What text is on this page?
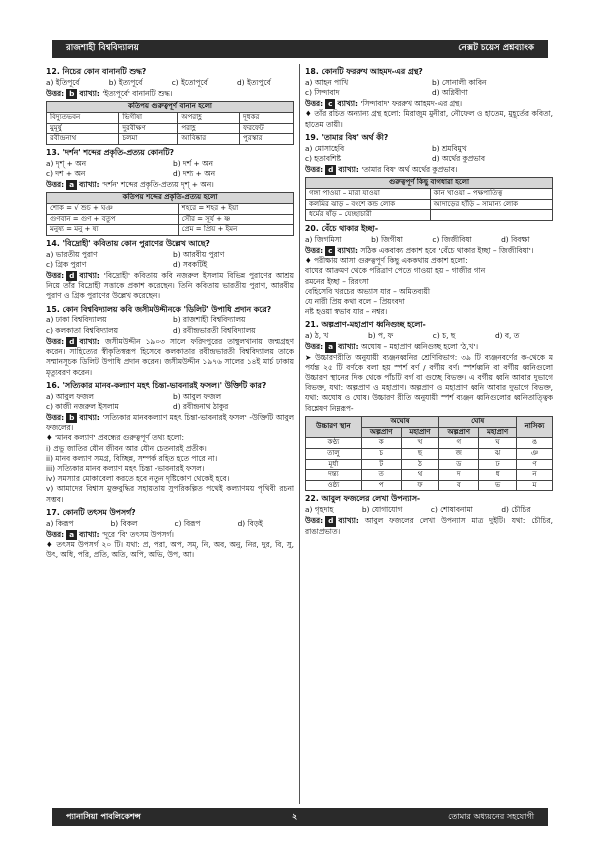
রাজশাহী বিশ্ববিদ্যালয়	নেক্সট চয়েস প্রশ্নব্যাংক
12. নিচের কোন বানানটি শুদ্ধ?
a) ইতিপূর্বে	b) ইত্যপূর্বে	c) ইতোপূর্বে	d) ইত্যপুর্বে
উত্তর: b ব্যাখ্যা: 'ইত্যপূর্বে' বানানটি শুদ্ধ।
কতিপয় গুরুত্বপূর্ণ বানান হলো			
বিদ্যুতভবন	ভিগীষা	অপরাহ্ণ	দূধকর
মুমূর্ষু	দুরবীক্ষণ	পরাহ্ণ	ফরফেট
রবীন্দ্রনাথ	চলমা	আবিষ্কার	পুরস্কার
13. 'দর্শন' শব্দের প্রকৃতি-প্রত্যয় কোনটি?
a) দৃশ্‌ + অন	b) দর্শ + অন
c) দশ + অন	d) দশ্য + অন
উত্তর: a ব্যাখ্যা: 'দর্শন' শব্দের প্রকৃতি-প্রত্যয় দৃশ্‌ + অন।
কতিপয় শব্দের প্রকৃতি-প্রত্যয় হলো	
শোক = √ শুচ + ঘঞ	শহরে = শহর + ইয়া
গুণবান = গুণ + বতুপ	সৌর = সূর্য + ষ্ণ
মনুষ্য = মনু + ষ্য	প্রেম = প্রিয় + ইমন
14. 'বিদ্রোহী' কবিতায় কোন পুরাণের উল্লেখ আছে?
a) ভারতীয় পুরাণ	b) আরবীয় পুরাণ
c) গ্রিক পুরাণ	d) সবকটিই
উত্তর: d ব্যাখ্যা: 'বিদ্রোহী' কবিতায় কবি নজরুল ইসলাম বিভিন্ন পুরাণের আশ্রয় নিয়ে তাঁর বিদ্রোহী সত্তাকে প্রকাশ করেছেন। তিনি কবিতায় ভারতীয় পুরাণ, আরবীয় পুরাণ ও গ্রিক পুরাণের উল্লেখ করেছেন।
15. কোন বিশ্ববিদ্যালয় কবি জসীমউদ্দীনকে 'ডিলিট' উপাধি প্রদান করে?
a) ঢাকা বিশ্ববিদ্যালয়	b) রাজশাহী বিশ্ববিদ্যালয়
c) কলকাতা বিশ্ববিদ্যালয়	d) রবীন্দ্রভারতী বিশ্ববিদ্যালয়
উত্তর: d ব্যাখ্যা: জসীমউদ্দীন ১৯০৩ সালে ফরিদপুরের তাম্বুলখানায় জন্মগ্রহণ করেন। সাহিত্যের স্বীকৃতিস্বরূপ হিসেবে কলকাতার রবীন্দ্রভারতী বিশ্ববিদ্যালয় তাকে সম্মানসূচক ডিলিট উপাধি প্রদান করেন। জসীমউদ্দীন ১৯৭৬ সালের ১৪ই মার্চ ঢাকায় মৃত্যুবরণ করেন।
16. 'সত্যিকার মানব-কল্যাণ মহৎ চিন্তা-ভাবনারই ফসল।' উক্তিটি কার?
a) আবুল ফজল	b) আবুল ফজল
c) কাজী নজরুল ইসলাম	d) রবীন্দ্রনাথ ঠাকুর
উত্তর: b ব্যাখ্যা: 'সত্যিকার মানবকল্যাণ মহৎ চিন্তা-ভাবনারই ফসল' -উক্তিটি আবুল ফজলের।
♦ 'মানব কল্যাণ' প্রবন্ধের গুরুত্বপূর্ণ তথ্য হলো:
i) প্রভু জাতির যৌন জীবন আর যৌন চেতনারই প্রতীক।
ii) মানব কল্যাণ সমগ্র, বিচ্ছিন্ন, সম্পর্ক রহিত হতে পারে না।
iii) সত্যিকার মানব কল্যাণ মহৎ চিন্তা -ভাবনারই ফসল।
iv) সমস্যার মোকাবেলা করতে হবে নতুন দৃষ্টিকোণ থেকেই হবে।
v) আমাদের বিশ্বাস মুক্তবুদ্ধির সহায়তায় সুপরিকল্পিত পথেই কল্যাণময় পৃথিবী রচনা সম্ভব।
17. কোনটি তৎসম উপসর্গ?
a) কিরূপ	b) বিকল	c) বিরূপ	d) বিড়ই
উত্তর: a ব্যাখ্যা: 'দূরে 'বি' তৎসম উপসর্গ।
♦ তৎসম উপসর্গ ২০ টি। যথা: প্র, পরা, অপ, সম্‌, নি, অব, অনু, নির, দুর, বি, সু, উৎ, অধি, পরি, প্রতি, অতি, অপি, অভি, উপ, আ।
18. কোনটি ফররুখ আহমদ-এর গ্রন্থ?
a) আহন পাখি	b) সোনালী কাবিন
c) সিন্দাবাদ	d) অগ্নিবীণা
উত্তর: c ব্যাখ্যা: 'সিন্দাবাদ' ফররুখ আহমদ-এর গ্রন্থ।
♦ তাঁর রচিত অন্যান্য গ্রন্থ হলো: মিরাজুম মুনীরা, নৌফেল ও হাতেম, মুহূর্তের কবিতা, হাতেম তায়ী।
19. 'তামার বিষ' অর্থ কী?
a) মোসাহেবি	b) শ্রমবিমুখ
c) হতাবশিষ্ট	d) অর্থের কুপ্রভাব
উত্তর: d ব্যাখ্যা: 'তামার বিষ' অর্থ অর্থের কুপ্রভাব।
গুরুত্বপূর্ণ কিছু বাগধারা হলো	
গঙ্গা পাওয়া – মারা যাওয়া	কান খাওয়া – পক্ষপাতিত্ব
কলমির ঝাড় – বংশে কন্ড লোক	আদাড়ের হাঁড়ি – সামান্য লোক
ধর্মের ষাঁড় – যেচ্ছাচারী	
20. বেঁচে থাকার ইচ্ছা-
a) জিগমিসা	b) জিগীষা	c) জিজীবিষা	d) বিবক্ষা
উত্তর: c ব্যাখ্যা: সঠিক একবাক্য প্রকাশ হবে 'বেঁচে থাকার ইচ্ছা – জিজীবিষা'।
♦ পরীক্ষায় আসা গুরুত্বপূর্ণ কিছু এককথায় প্রকাশ হলো:
বাঘের আক্রমণ থেকে পরিত্রাণ পেতে গাওয়া হয় – গাজীর গান
রমনের ইচ্ছা – রিরংসা
বেহিসেবি খরচের অভ্যাস যার – অমিতব্যয়ী
যে নারী প্রিয় কথা বলে – প্রিয়ংবদা
নষ্ট হওয়া স্বভাব যার – নশ্বর।
21. অল্পপ্রাণ-মহাপ্রাণ ধ্বনিগুচ্ছ হলো-
a) ঠ, খ	b) প, ফ	c) চ, ছ	d) ব, ত
উত্তর: a ব্যাখ্যা: অঘোষ – মহাপ্রাণ ধ্বনিগুচ্ছ হলো 'ঠ,খ'।
➤ উচ্চারণরীতি অনুযায়ী ব্যঞ্জনধ্বনির শ্রেণিবিভাগ: ৩৯ টি ব্যঞ্জনবর্ণের ক-থেকে ম পর্যন্ত ২৫ টি বর্ণকে বলা হয় স্পর্শ বর্ণ / বর্গীয় বর্ণ। স্পর্শধ্বনি বা বর্গীয় ধ্বনিগুলো উচ্চারণ স্থানের দিক থেকে পাঁচটি বর্গ বা গুচ্ছে বিভক্ত। এ বর্গীয় ধ্বনি আবার দুভাগে বিভক্ত, যথা: অল্পপ্রাণ ও মহাপ্রাণ। অল্পপ্রাণ ও মহাপ্রাণ ধ্বনি আবার দুভাগে বিভক্ত, যথা: অঘোষ ও ঘোষ। উচ্চারণ রীতি অনুযায়ী স্পর্শ ব্যঞ্জন ধ্বনিগুলোর ধ্বনিতাত্ত্বিক বিশ্লেষণ নিম্নরূপ-
উচ্চারণ স্থান	অঘোষ		ঘোষ		নাসিক্য
	অল্পপ্রাণ	মহাপ্রাণ	অল্পপ্রাণ	মহাপ্রাণ	
কণ্ঠ্য	ক	খ	গ	ঘ	ঙ
তালু	চ	ছ	জ	ঝ	ঞ
মূর্ধা	ট	ঠ	ড	ঢ	ণ
দন্ত্য	ত	থ	দ	ধ	ন
ওষ্ঠ্য	প	ফ	ব	ভ	ম
22. আবুল ফজলের লেখা উপন্যাস-
a) গৃহদাহ	b) যোগাযোগ	c) শোষাবনামা	d) চৌচির
উত্তর: d ব্যাখ্যা: আবুল ফজলের লেখা উপন্যাস মাত্র দুইটি। যথা: চৌচির, রাঙাপ্রভাত।
প্যানাসিয়া পাবলিকেশন্স	২	তোমার অধ্যয়নের সহযোগী
